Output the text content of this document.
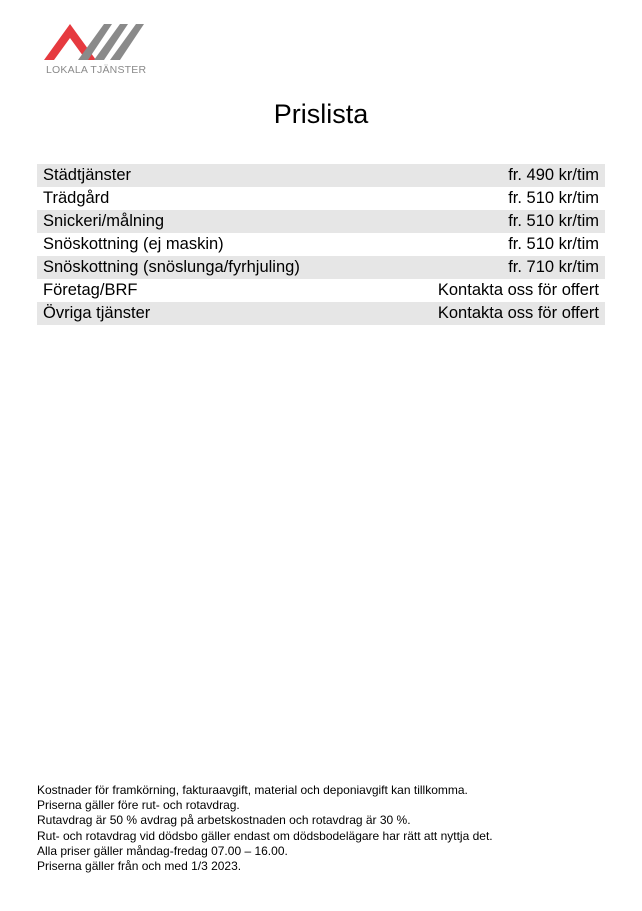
LOKALA TJÄNSTER
Prislista
Städtjänster	fr. 490 kr/tim
Trädgård	fr. 510 kr/tim
Snickeri/målning	fr. 510 kr/tim
Snöskottning (ej maskin)	fr. 510 kr/tim
Snöskottning (snöslunga/fyrhjuling)	fr. 710 kr/tim
Företag/BRF	Kontakta oss för offert
Övriga tjänster	Kontakta oss för offert
Kostnader för framkörning, fakturaavgift, material och deponiavgift kan tillkomma.
Priserna gäller före rut- och rotavdrag.
Rutavdrag är 50 % avdrag på arbetskostnaden och rotavdrag är 30 %.
Rut- och rotavdrag vid dödsbo gäller endast om dödsbodelägare har rätt att nyttja det.
Alla priser gäller måndag-fredag 07.00 – 16.00.
Priserna gäller från och med 1/3 2023.
